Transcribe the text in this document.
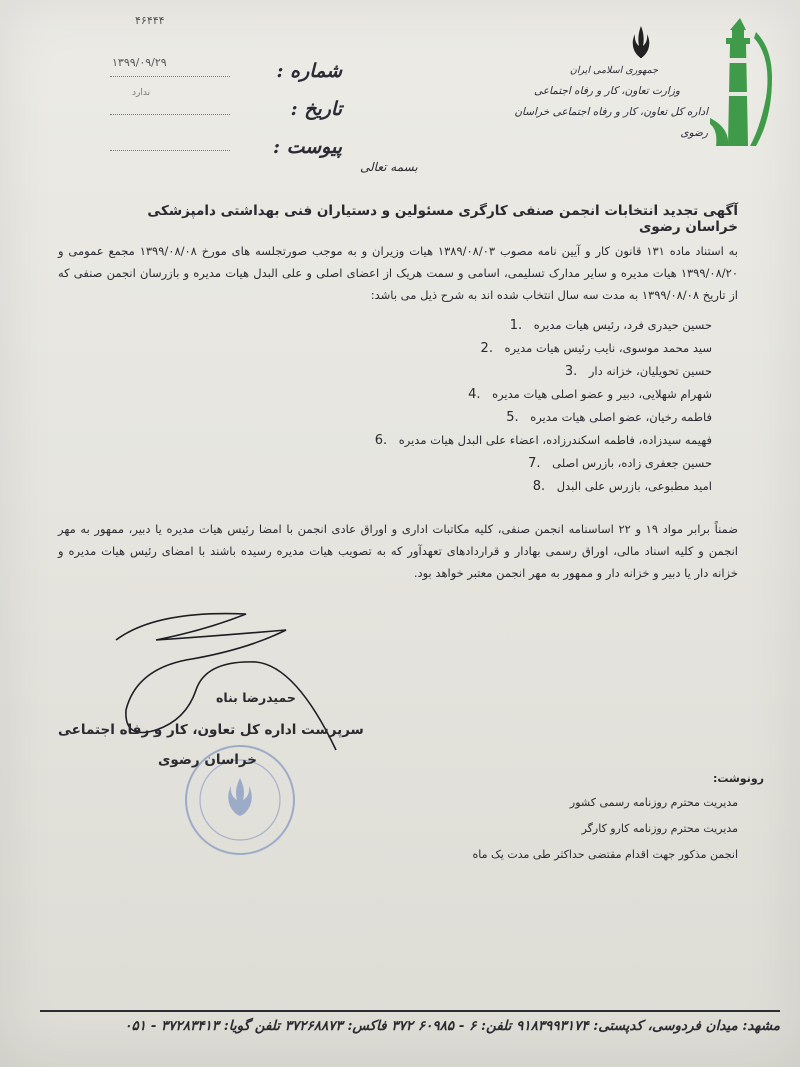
جمهوری اسلامی ایران
وزارت تعاون، کار و رفاه اجتماعی
اداره کل تعاون، کار و رفاه اجتماعی خراسان رضوی
۴۶۴۴۴
۱۳۹۹/۰۹/۲۹
ندارد
شماره :
تاریخ :
پیوست :
بسمه تعالی
آگهی تجدید انتخابات انجمن صنفی کارگری مسئولین و دستیاران فنی بهداشتی دامپزشکی خراسان رضوی
به استناد ماده ۱۳۱ قانون کار و آیین نامه مصوب ۱۳۸۹/۰۸/۰۳ هیات وزیران و به موجب صورتجلسه های مورخ ۱۳۹۹/۰۸/۰۸ مجمع عمومی و ۱۳۹۹/۰۸/۲۰ هیات مدیره و سایر مدارک تسلیمی، اسامی و سمت هریک از اعضای اصلی و علی البدل هیات مدیره و بازرسان انجمن صنفی که از تاریخ ۱۳۹۹/۰۸/۰۸ به مدت سه سال انتخاب شده اند به شرح ذیل می باشد:
حسین حیدری فرد، رئیس هیات مدیره
1.
سید محمد موسوی، نایب رئیس هیات مدیره
2.
حسین تحویلیان، خزانه دار
3.
شهرام شهلایی، دبیر و عضو اصلی هیات مدیره
4.
فاطمه رخیان، عضو اصلی هیات مدیره
5.
فهیمه سیدزاده، فاطمه اسکندرزاده، اعضاء علی البدل هیات مدیره
6.
حسین جعفری زاده، بازرس اصلی
7.
امید مطبوعی، بازرس علی البدل
8.
ضمناً برابر مواد ۱۹ و ۲۲ اساسنامه انجمن صنفی، کلیه مکاتبات اداری و اوراق عادی انجمن با امضا رئیس هیات مدیره یا دبیر، ممهور به مهر انجمن و کلیه اسناد مالی، اوراق رسمی بهادار و قراردادهای تعهدآور که به تصویب هیات مدیره رسیده باشند با امضای رئیس هیات مدیره و خزانه دار یا دبیر و خزانه دار و ممهور به مهر انجمن معتبر خواهد بود.
حمیدرضا بناه
سرپرست اداره کل تعاون، کار و رفاه اجتماعی
خراسان رضوی
رونوشت:
مدیریت محترم روزنامه رسمی کشور
مدیریت محترم روزنامه کارو کارگر
انجمن مذکور جهت اقدام مقتضی حداکثر طی مدت یک ماه
مشهد: میدان فردوسی، کدپستی: ۹۱۸۳۹۹۳۱۷۴ تلفن: ۶ - ۶۰۹۸۵ ۳۷۲ فاکس: ۳۷۲۶۸۸۷۳ تلفن گویا: ۳۷۲۸۳۴۱۳ - ۰۵۱
